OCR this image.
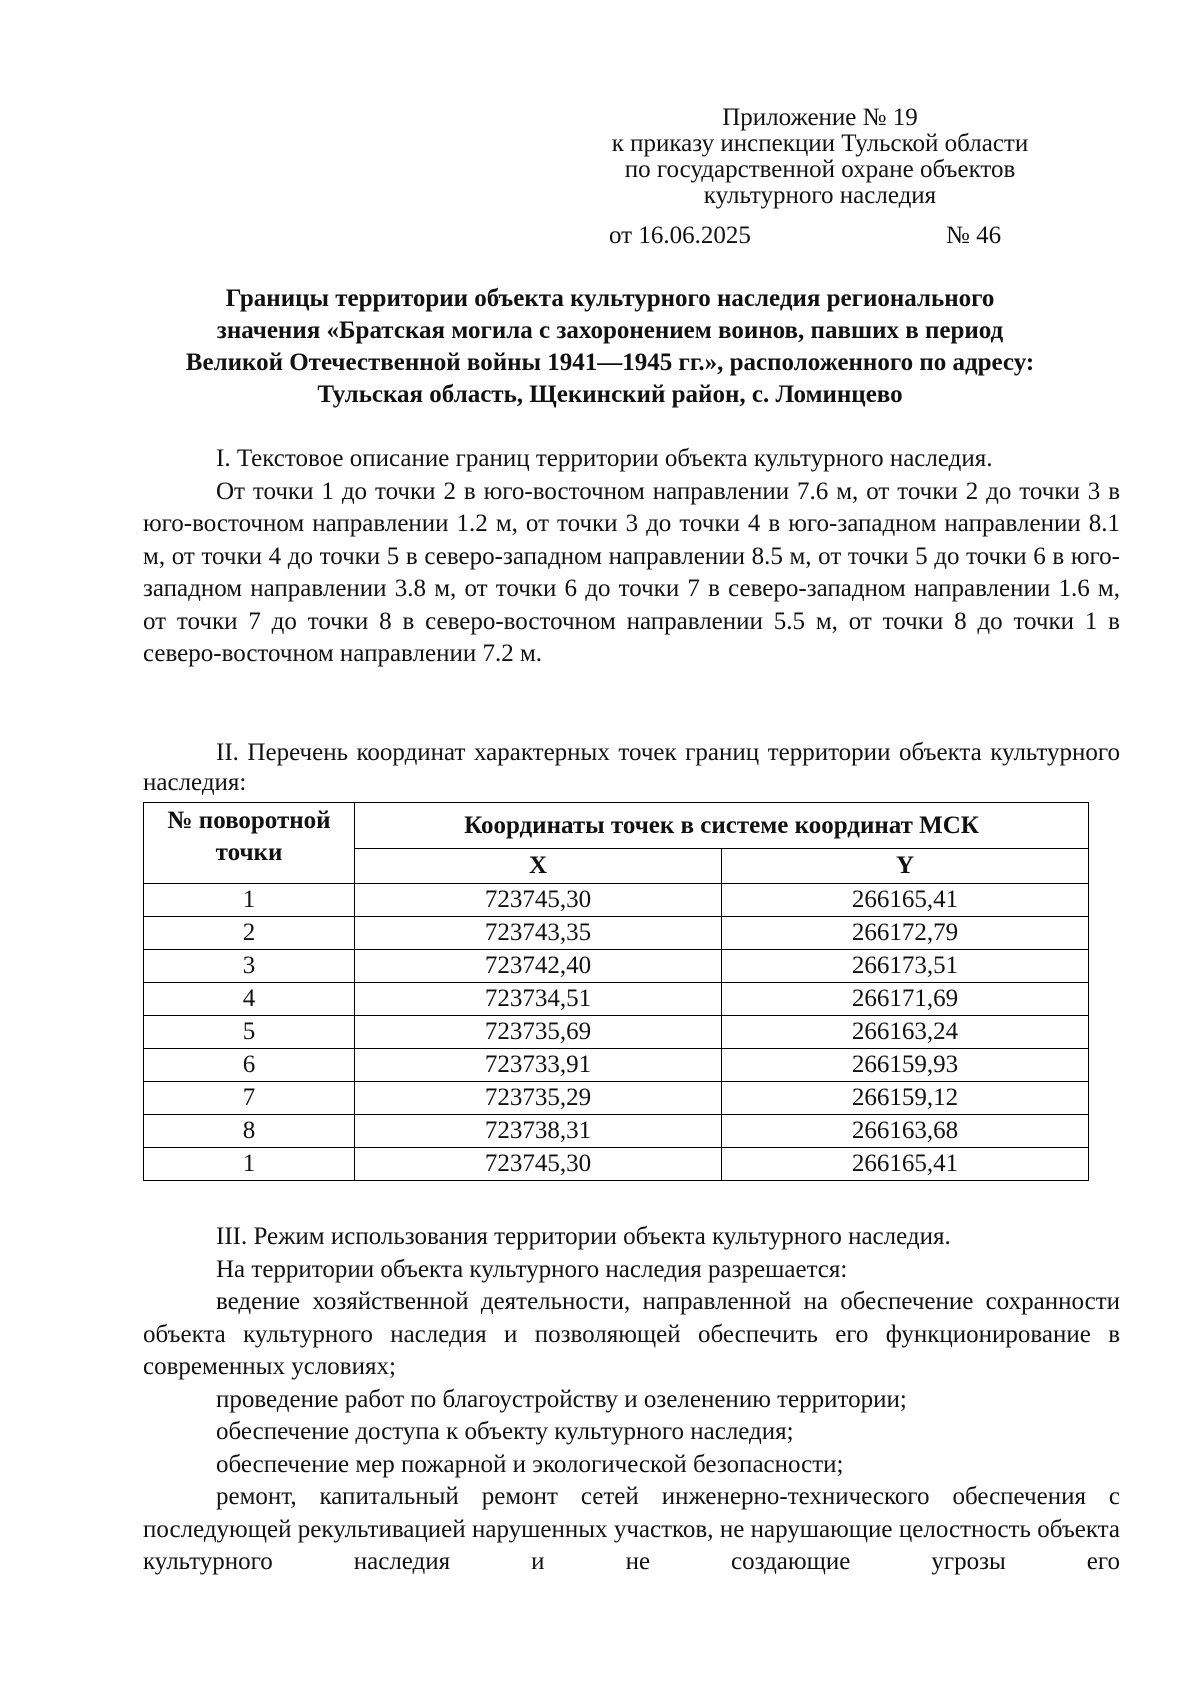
Приложение № 19
к приказу инспекции Тульской области
по государственной охране объектов
культурного наследия
от 16.06.2025	№ 46
Границы территории объекта культурного наследия регионального
значения «Братская могила с захоронением воинов, павших в период
Великой Отечественной войны 1941—1945 гг.», расположенного по адресу:
Тульская область, Щекинский район, с. Ломинцево

I. Текстовое описание границ территории объекта культурного наследия.

От точки 1 до точки 2 в юго-восточном направлении 7.6 м, от точки 2 до точки 3 в юго-восточном направлении 1.2 м, от точки 3 до точки 4 в юго-западном направлении 8.1 м, от точки 4 до точки 5 в северо-западном направлении 8.5 м, от точки 5 до точки 6 в юго-западном направлении 3.8 м, от точки 6 до точки 7 в северо-западном направлении 1.6 м, от точки 7 до точки 8 в северо-восточном направлении 5.5 м, от точки 8 до точки 1 в северо-восточном направлении 7.2 м.

II. Перечень координат характерных точек границ территории объекта культурного наследия:

№ поворотной точки	Координаты точек в системе координат МСК	
	X	Y
1	723745,30	266165,41
2	723743,35	266172,79
3	723742,40	266173,51
4	723734,51	266171,69
5	723735,69	266163,24
6	723733,91	266159,93
7	723735,29	266159,12
8	723738,31	266163,68
1	723745,30	266165,41

III. Режим использования территории объекта культурного наследия.

На территории объекта культурного наследия разрешается:

ведение хозяйственной деятельности, направленной на обеспечение сохранности объекта культурного наследия и позволяющей обеспечить его функционирование в современных условиях;

проведение работ по благоустройству и озеленению территории;

обеспечение доступа к объекту культурного наследия;

обеспечение мер пожарной и экологической безопасности;

ремонт, капитальный ремонт сетей инженерно-технического обеспечения с последующей рекультивацией нарушенных участков, не нарушающие целостность объекта культурного наследия и не создающие угрозы его
